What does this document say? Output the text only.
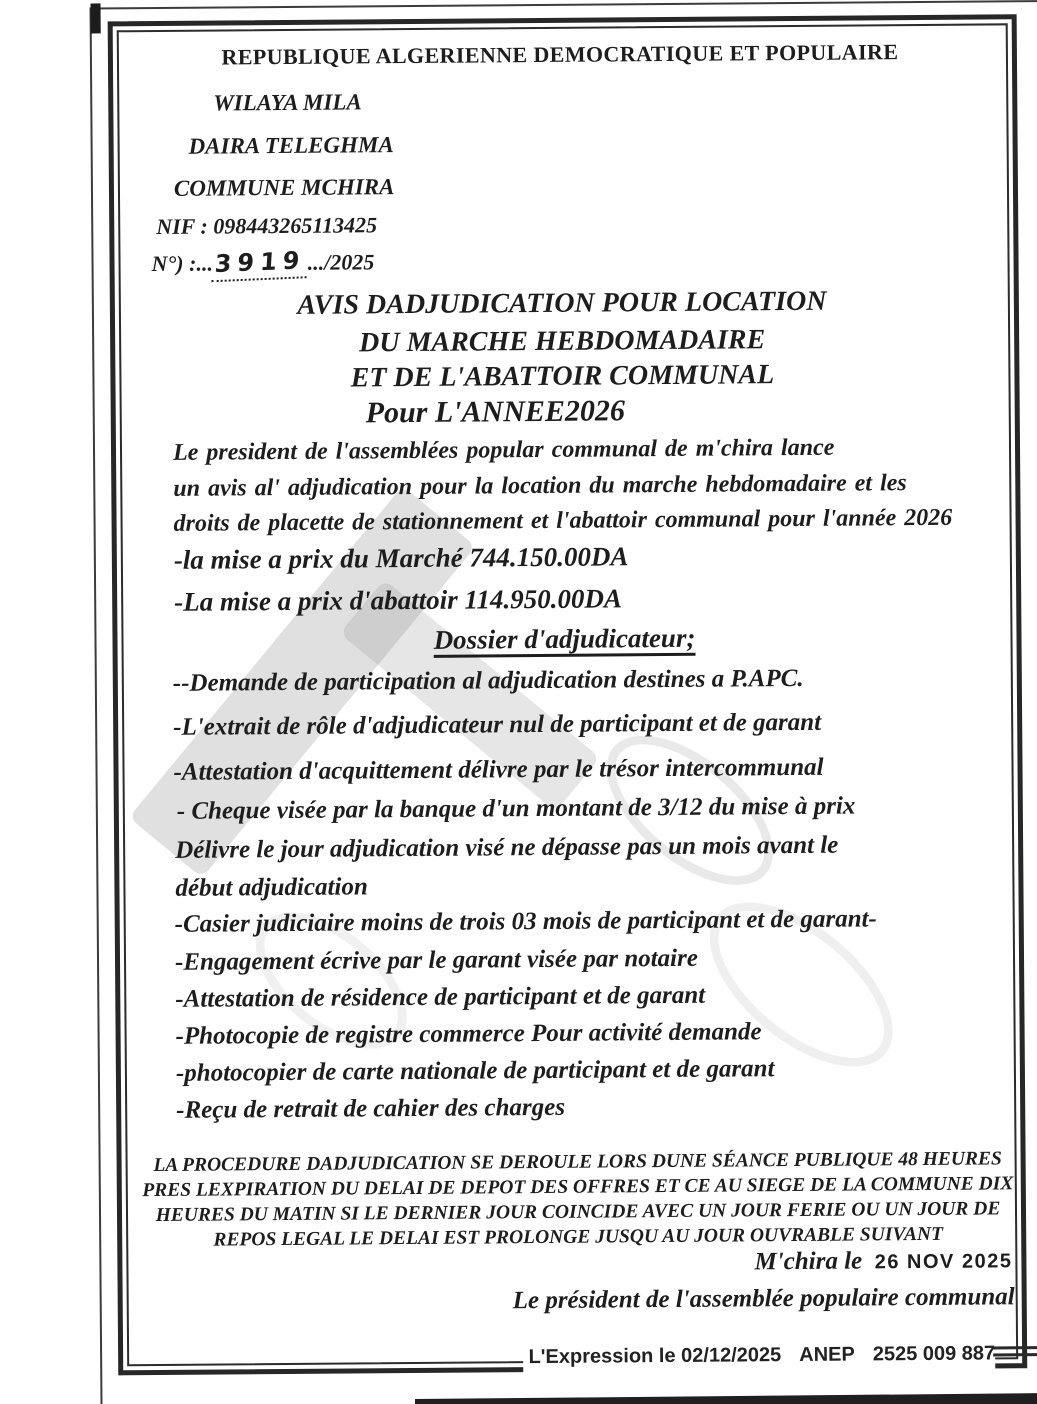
REPUBLIQUE ALGERIENNE DEMOCRATIQUE ET POPULAIRE
WILAYA MILA
DAIRA TELEGHMA
COMMUNE MCHIRA
NIF : 098443265113425
N°) :...3919.../2025
AVIS DADJUDICATION POUR LOCATION
DU MARCHE HEBDOMADAIRE
ET DE L'ABATTOIR COMMUNAL
Pour L'ANNEE2026
Le president de l'assemblées popular communal de m'chira lance
un avis al' adjudication pour la location du marche hebdomadaire et les
droits de placette de stationnement et l'abattoir communal pour l'année 2026
-la mise a prix du Marché 744.150.00DA
-La mise a prix d'abattoir 114.950.00DA
Dossier d'adjudicateur;
--Demande de participation al adjudication destines a P.APC.
-L'extrait de rôle d'adjudicateur nul de participant et de garant
-Attestation d'acquittement délivre par le trésor intercommunal
- Cheque visée par la banque d'un montant de 3/12 du mise à prix
Délivre le jour adjudication visé ne dépasse pas un mois avant le
début adjudication
-Casier judiciaire moins de trois 03 mois de participant et de garant-
-Engagement écrive par le garant visée par notaire
-Attestation de résidence de participant et de garant
-Photocopie de registre commerce Pour activité demande
-photocopier de carte nationale de participant et de garant
-Reçu de retrait de cahier des charges
LA PROCEDURE DADJUDICATION SE DEROULE LORS DUNE SÉANCE PUBLIQUE 48 HEURES
PRES LEXPIRATION DU DELAI DE DEPOT DES OFFRES ET CE AU SIEGE DE LA COMMUNE DIX
HEURES DU MATIN SI LE DERNIER JOUR COINCIDE AVEC UN JOUR FERIE OU UN JOUR DE
REPOS LEGAL LE DELAI EST PROLONGE JUSQU AU JOUR OUVRABLE SUIVANT
M'chira le 26 NOV 2025
Le président de l'assemblée populaire communal
L'Expression le 02/12/2025 ANEP 2525 009 887
